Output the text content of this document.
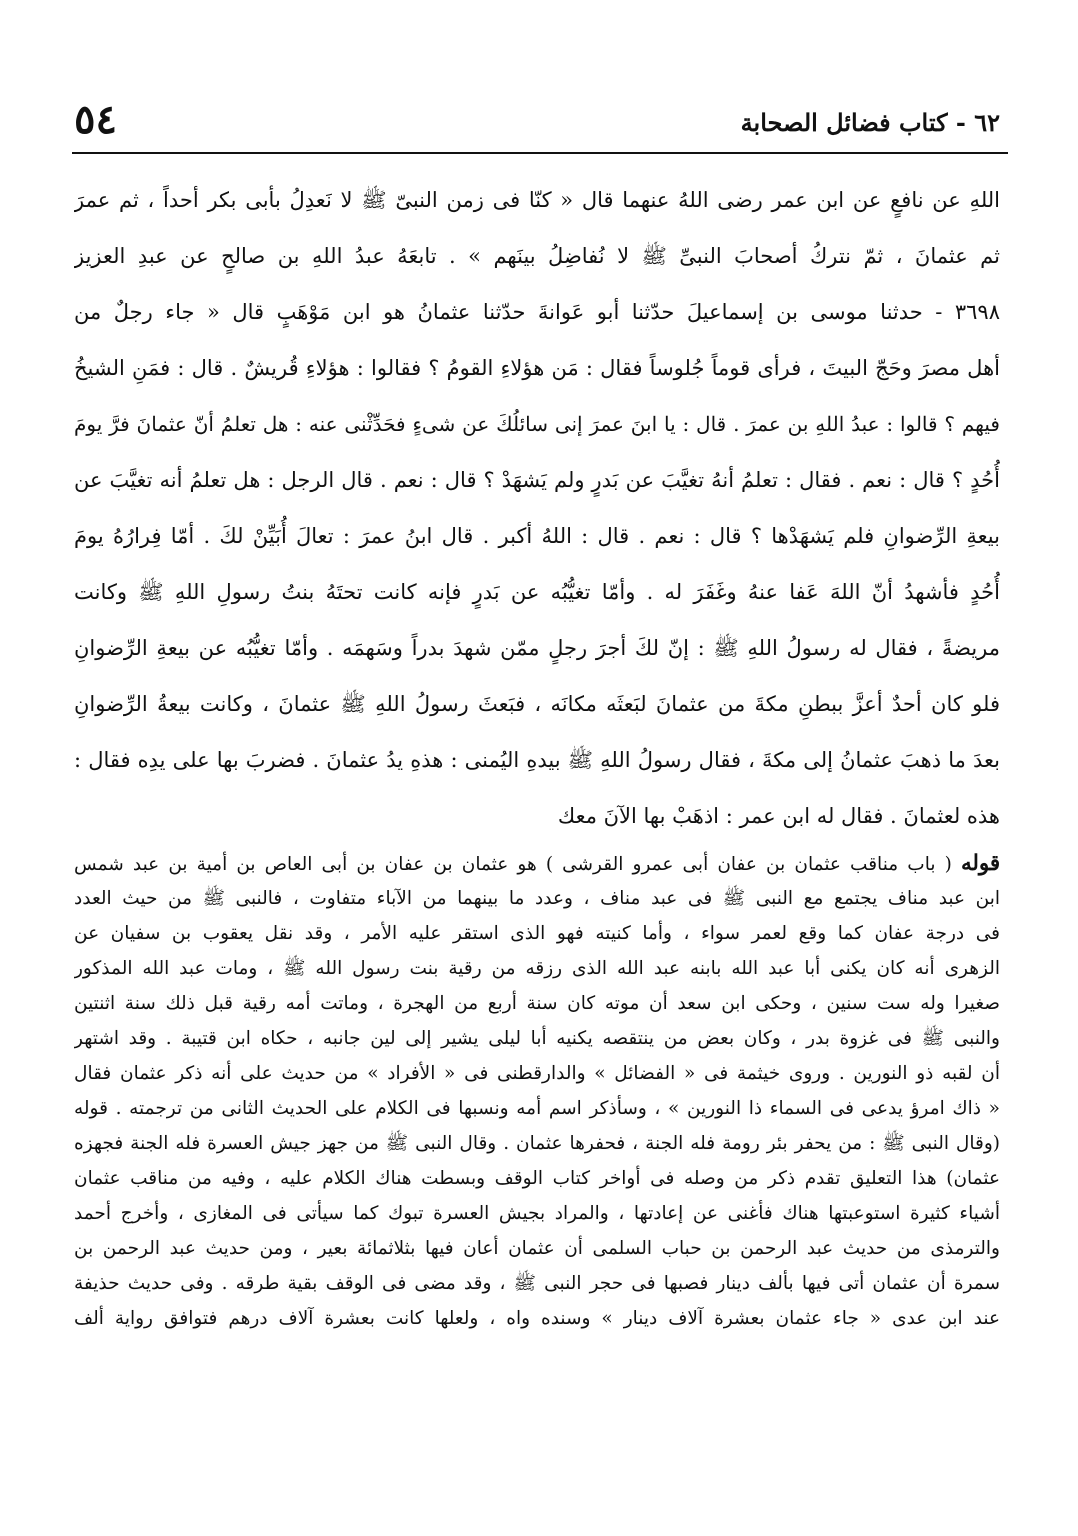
٥٤	٦٢ - كتاب فضائل الصحابة
اللهِ عن نافعٍ عن ابن عمر رضى اللهُ عنهما قال « كنّا فى زمن النبىّ ﷺ لا نَعدِلُ بأبى بكر أحداً ، ثم عمرَ
ثم عثمانَ ، ثمّ نتركُ أصحابَ النبىِّ ﷺ لا نُفاضِلُ بينَهم » . تابعَهُ عبدُ اللهِ بن صالحٍ عن عبدِ العزيز
٣٦٩٨ - حدثنا موسى بن إسماعيلَ حدّثنا أبو عَوانةَ حدّثنا عثمانُ هو ابن مَوْهَبٍ قال « جاء رجلٌ من
أهل مصرَ وحَجّ البيتَ ، فرأى قوماً جُلوساً فقال : مَن هؤلاءِ القومُ ؟ فقالوا : هؤلاءِ قُريشٌ . قال : فمَنِ الشيخُ
فيهم ؟ قالوا : عبدُ اللهِ بن عمرَ . قال : يا ابنَ عمرَ إنى سائلُكَ عن شىءٍ فحَدِّثْنى عنه : هل تعلمُ أنّ عثمانَ فرَّ يومَ
أُحُدٍ ؟ قال : نعم . فقال : تعلمُ أنهُ تغيَّبَ عن بَدرٍ ولم يَشهَدْ ؟ قال : نعم . قال الرجل : هل تعلمُ أنه تغيَّبَ عن
بيعةِ الرِّضوانِ فلم يَشهَدْها ؟ قال : نعم . قال : اللهُ أكبر . قال ابنُ عمرَ : تعالَ أُبَيِّنْ لكَ . أمّا فِرارُهُ يومَ
أُحُدٍ فأشهدُ أنّ اللهَ عَفا عنهُ وغَفَرَ له . وأمّا تغيُّبُه عن بَدرٍ فإنه كانت تحتَهُ بنتُ رسولِ اللهِ ﷺ وكانت
مريضةً ، فقال له رسولُ اللهِ ﷺ : إنّ لكَ أجرَ رجلٍ ممّن شهدَ بدراً وسَهمَه . وأمّا تغيُّبُه عن بيعةِ الرِّضوانِ
فلو كان أحدٌ أعزَّ ببطنِ مكةَ من عثمانَ لبَعثَه مكانَه ، فبَعثَ رسولُ اللهِ ﷺ عثمانَ ، وكانت بيعةُ الرِّضوانِ
بعدَ ما ذهبَ عثمانُ إلى مكةَ ، فقال رسولُ اللهِ ﷺ بيدهِ اليُمنى : هذهِ يدُ عثمانَ . فضربَ بها على يدِه فقال :
هذه لعثمانَ . فقال له ابن عمر : اذهَبْ بها الآنَ معك
قوله ( باب مناقب عثمان بن عفان أبى عمرو القرشى ) هو عثمان بن عفان بن أبى العاص بن أمية بن عبد شمس
ابن عبد مناف يجتمع مع النبى ﷺ فى عبد مناف ، وعدد ما بينهما من الآباء متفاوت ، فالنبى ﷺ من حيث العدد
فى درجة عفان كما وقع لعمر سواء ، وأما كنيته فهو الذى استقر عليه الأمر ، وقد نقل يعقوب بن سفيان عن
الزهرى أنه كان يكنى أبا عبد الله بابنه عبد الله الذى رزقه من رقية بنت رسول الله ﷺ ، ومات عبد الله المذكور
صغيرا وله ست سنين ، وحكى ابن سعد أن موته كان سنة أربع من الهجرة ، وماتت أمه رقية قبل ذلك سنة اثنتين
والنبى ﷺ فى غزوة بدر ، وكان بعض من ينتقصه يكنيه أبا ليلى يشير إلى لين جانبه ، حكاه ابن قتيبة . وقد اشتهر
أن لقبه ذو النورين . وروى خيثمة فى « الفضائل » والدارقطنى فى « الأفراد » من حديث على أنه ذكر عثمان فقال
« ذاك امرؤ يدعى فى السماء ذا النورين » ، وسأذكر اسم أمه ونسبها فى الكلام على الحديث الثانى من ترجمته . قوله
(وقال النبى ﷺ : من يحفر بئر رومة فله الجنة ، فحفرها عثمان . وقال النبى ﷺ من جهز جيش العسرة فله الجنة فجهزه
عثمان) هذا التعليق تقدم ذكر من وصله فى أواخر كتاب الوقف وبسطت هناك الكلام عليه ، وفيه من مناقب عثمان
أشياء كثيرة استوعبتها هناك فأغنى عن إعادتها ، والمراد بجيش العسرة تبوك كما سيأتى فى المغازى ، وأخرج أحمد
والترمذى من حديث عبد الرحمن بن حباب السلمى أن عثمان أعان فيها بثلاثمائة بعير ، ومن حديث عبد الرحمن بن
سمرة أن عثمان أتى فيها بألف دينار فصبها فى حجر النبى ﷺ ، وقد مضى فى الوقف بقية طرقه . وفى حديث حذيفة
عند ابن عدى « جاء عثمان بعشرة آلاف دينار » وسنده واه ، ولعلها كانت بعشرة آلاف درهم فتوافق رواية ألف
